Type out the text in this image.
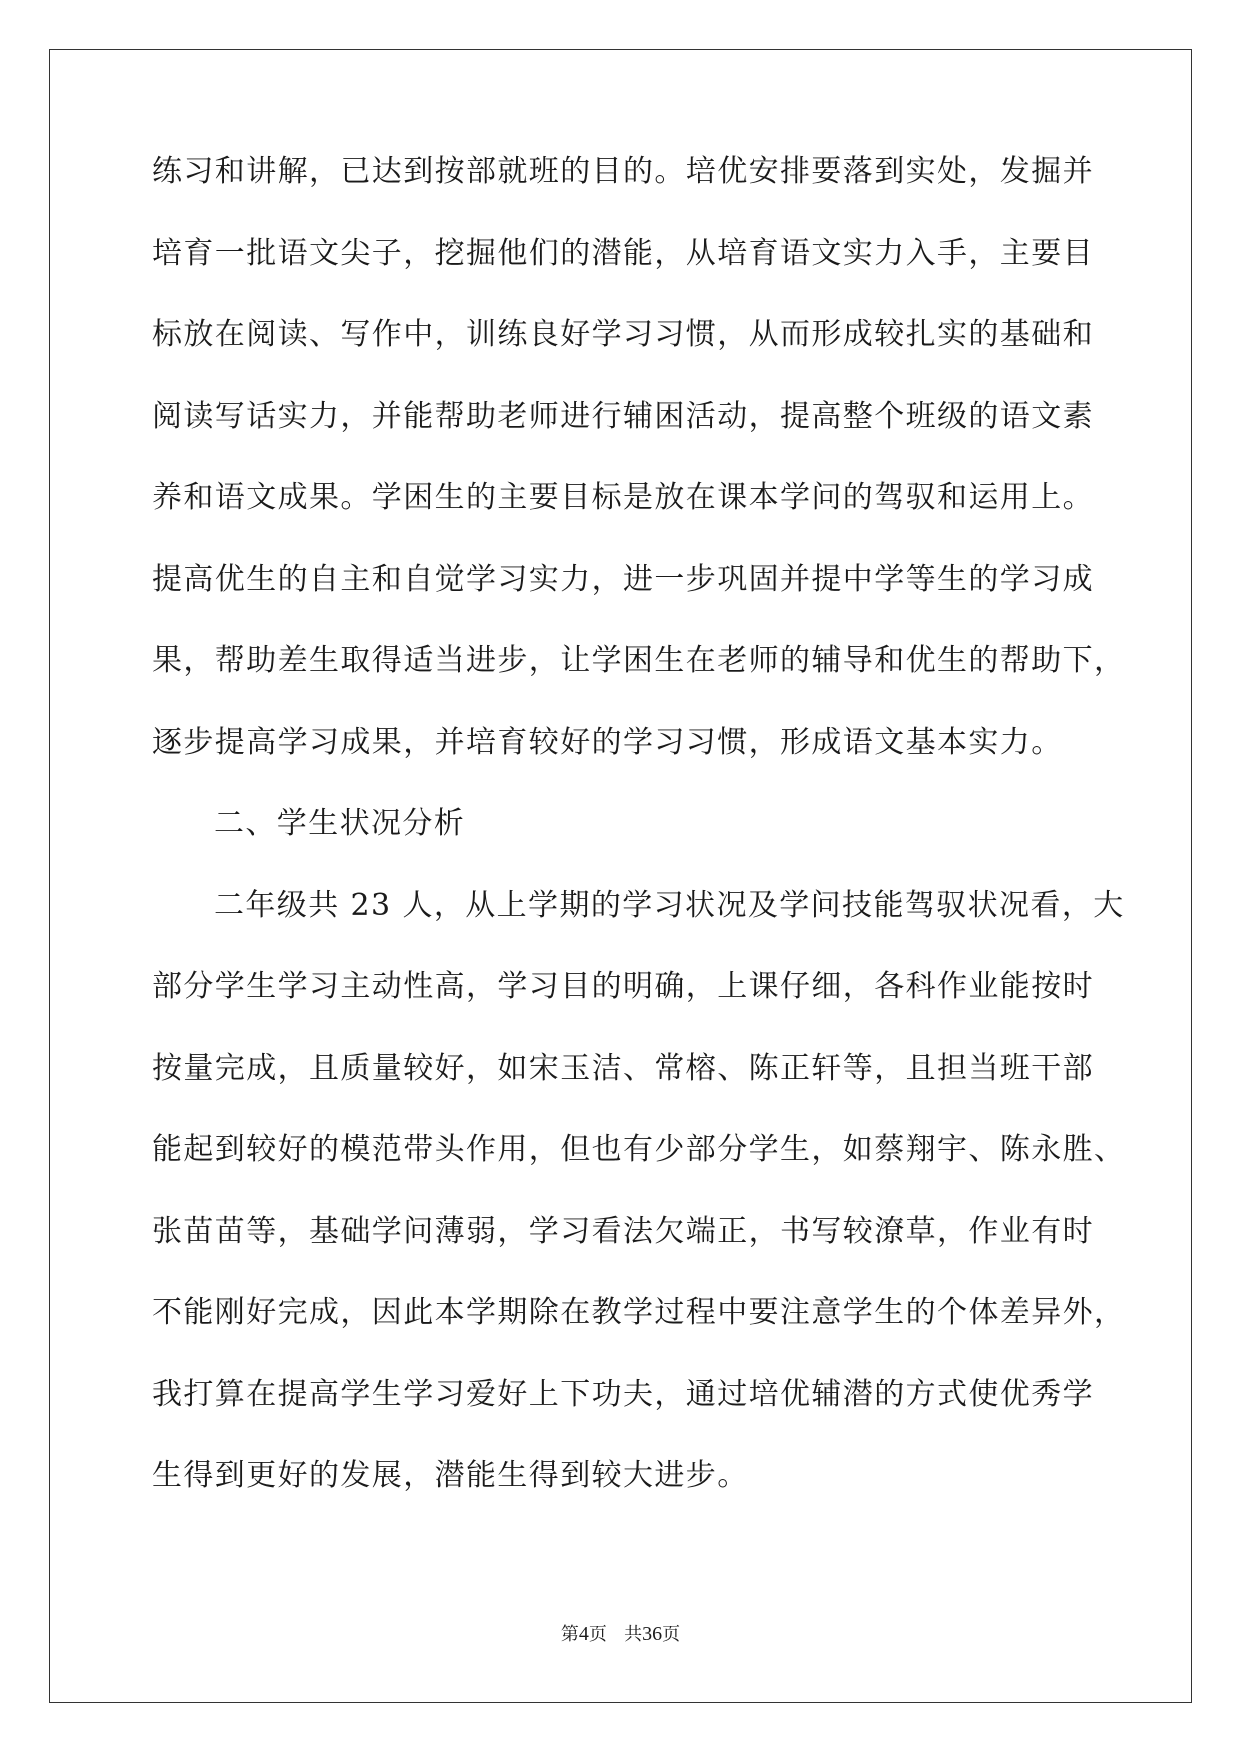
练习和讲解，已达到按部就班的目的。培优安排要落到实处，发掘并
培育一批语文尖子，挖掘他们的潜能，从培育语文实力入手，主要目
标放在阅读、写作中，训练良好学习习惯，从而形成较扎实的基础和
阅读写话实力，并能帮助老师进行辅困活动，提高整个班级的语文素
养和语文成果。学困生的主要目标是放在课本学问的驾驭和运用上。
提高优生的自主和自觉学习实力，进一步巩固并提中学等生的学习成
果，帮助差生取得适当进步，让学困生在老师的辅导和优生的帮助下，
逐步提高学习成果，并培育较好的学习习惯，形成语文基本实力。
二、学生状况分析
二年级共 23 人，从上学期的学习状况及学问技能驾驭状况看，大
部分学生学习主动性高，学习目的明确，上课仔细，各科作业能按时
按量完成，且质量较好，如宋玉洁、常榕、陈正轩等，且担当班干部
能起到较好的模范带头作用，但也有少部分学生，如蔡翔宇、陈永胜、
张苗苗等，基础学问薄弱，学习看法欠端正，书写较潦草，作业有时
不能刚好完成，因此本学期除在教学过程中要注意学生的个体差异外，
我打算在提高学生学习爱好上下功夫，通过培优辅潜的方式使优秀学
生得到更好的发展，潜能生得到较大进步。
第4页 共36页
